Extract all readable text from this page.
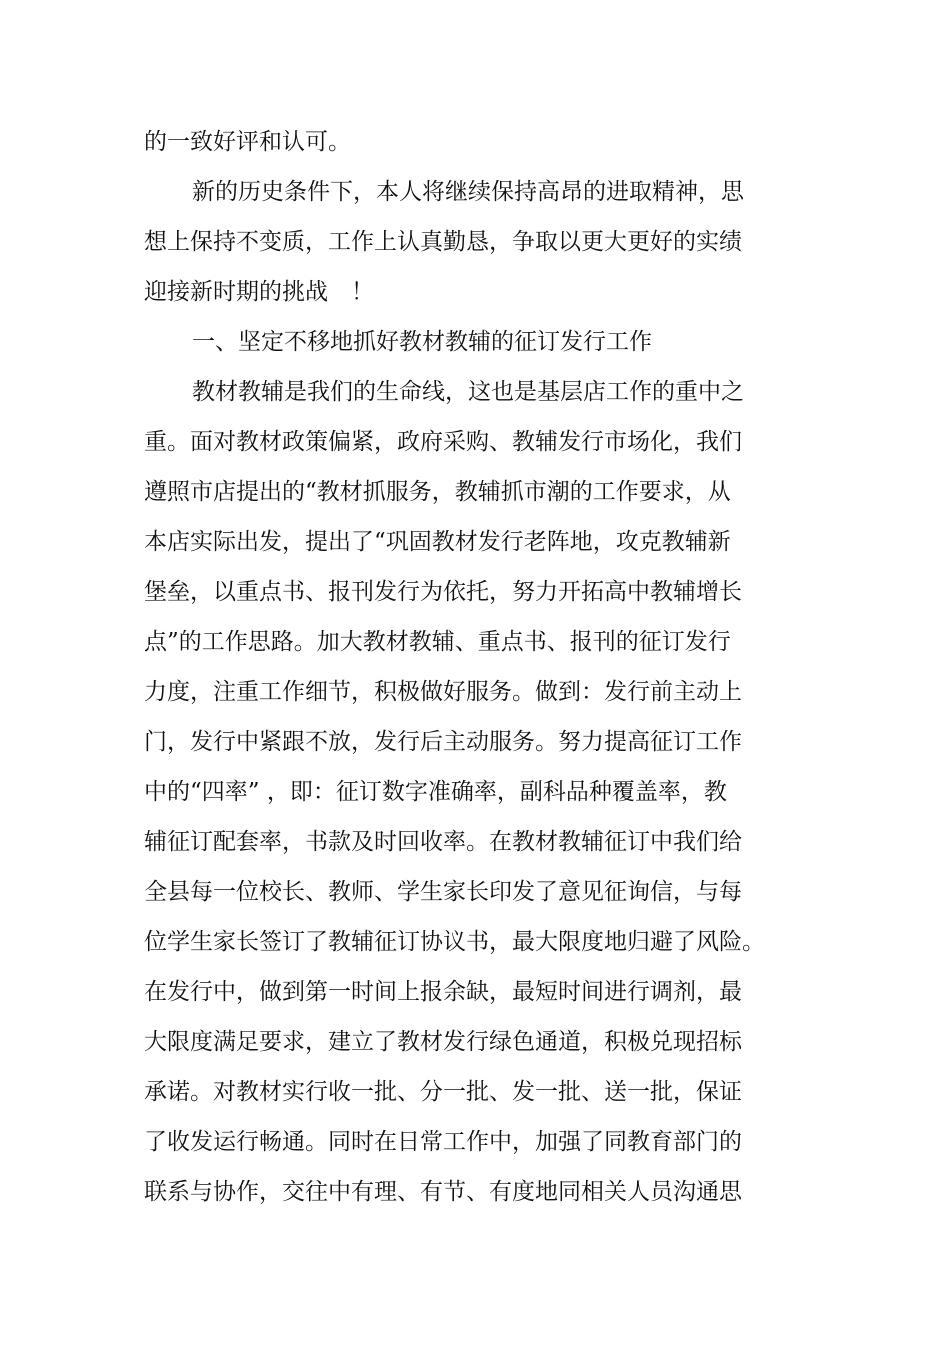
的一致好评和认可。
新的历史条件下，本人将继续保持高昂的进取精神，思
想上保持不变质，工作上认真勤恳，争取以更大更好的实绩
迎接新时期的挑战　！
一、坚定不移地抓好教材教辅的征订发行工作
教材教辅是我们的生命线，这也是基层店工作的重中之
重。面对教材政策偏紧，政府采购、教辅发行市场化，我们
遵照市店提出的“教材抓服务，教辅抓市潮的工作要求，从
本店实际出发，提出了“巩固教材发行老阵地，攻克教辅新
堡垒，以重点书、报刊发行为依托，努力开拓高中教辅增长
点”的工作思路。加大教材教辅、重点书、报刊的征订发行
力度，注重工作细节，积极做好服务。做到：发行前主动上
门，发行中紧跟不放，发行后主动服务。努力提高征订工作
中的“四率” ，即：征订数字准确率，副科品种覆盖率，教
辅征订配套率，书款及时回收率。在教材教辅征订中我们给
全县每一位校长、教师、学生家长印发了意见征询信，与每
位学生家长签订了教辅征订协议书，最大限度地归避了风险。
在发行中，做到第一时间上报余缺，最短时间进行调剂，最
大限度满足要求，建立了教材发行绿色通道，积极兑现招标
承诺。对教材实行收一批、分一批、发一批、送一批，保证
了收发运行畅通。同时在日常工作中，加强了同教育部门的
联系与协作，交往中有理、有节、有度地同相关人员沟通思
